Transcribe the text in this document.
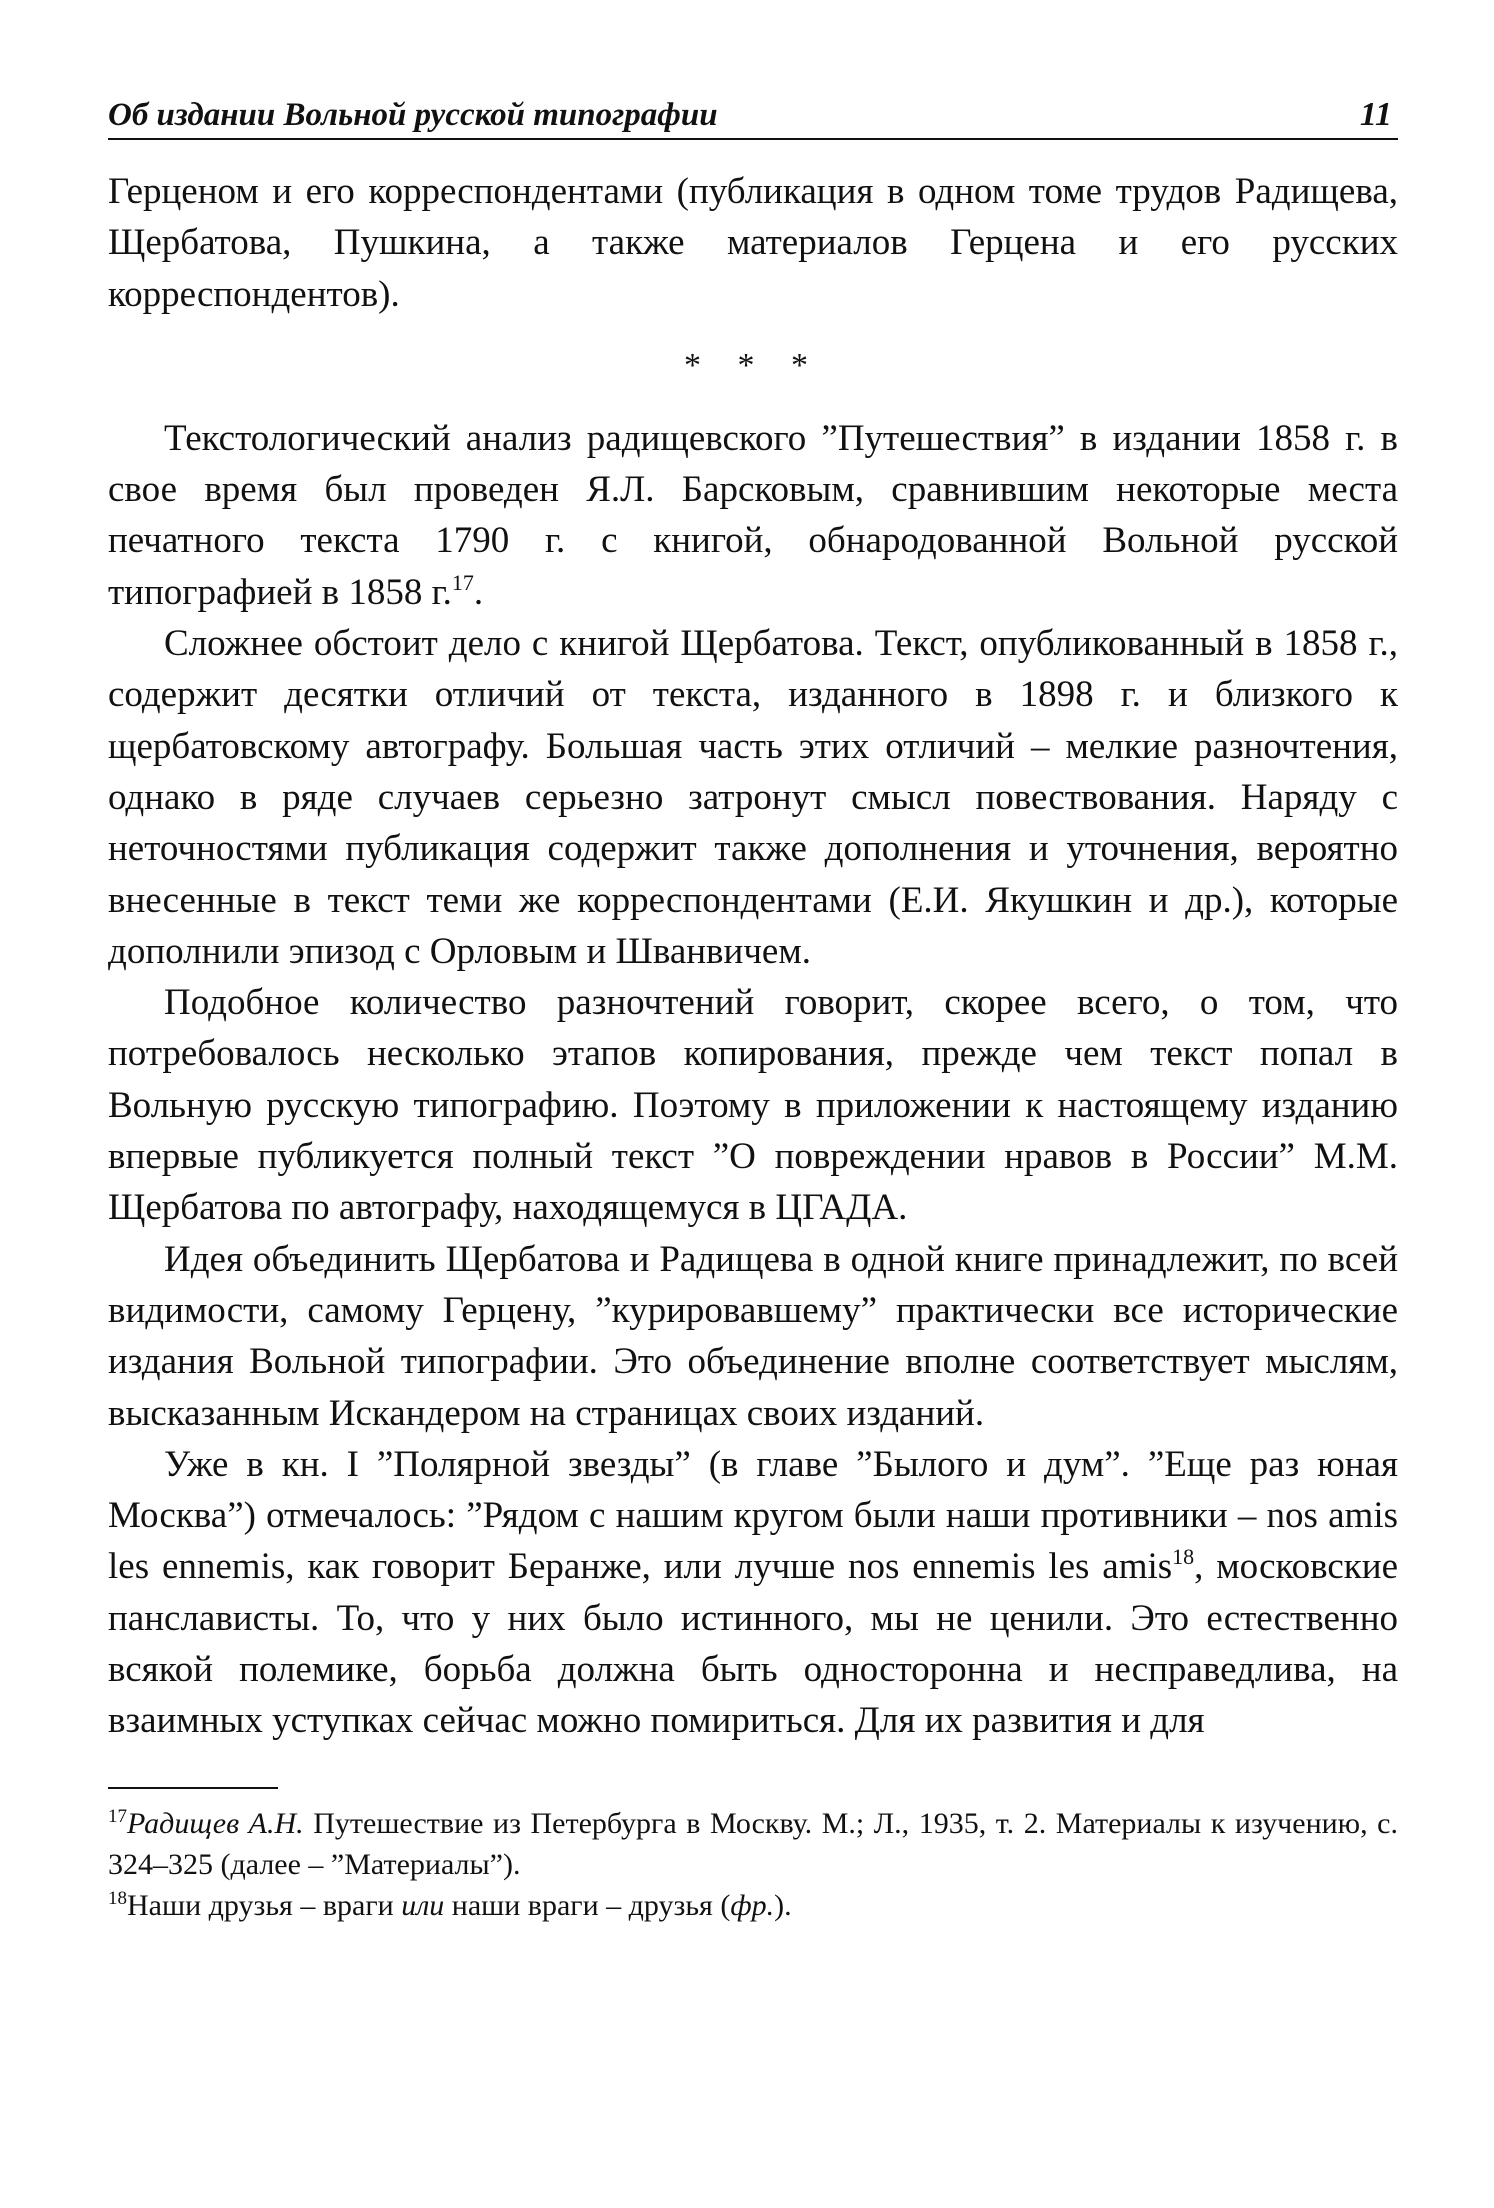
Об издании Вольной русской типографии	11

Герценом и его корреспондентами (публикация в одном томе трудов Радищева, Щербатова, Пушкина, а также материалов Герцена и его русских корреспондентов).

* * *

Текстологический анализ радищевского ”Путешествия” в издании 1858 г. в свое время был проведен Я.Л. Барсковым, сравнившим некоторые места печатного текста 1790 г. с книгой, обнародованной Вольной русской типографией в 1858 г.$^{17}$.

Сложнее обстоит дело с книгой Щербатова. Текст, опубликованный в 1858 г., содержит десятки отличий от текста, изданного в 1898 г. и близкого к щербатовскому автографу. Большая часть этих отличий – мелкие разночтения, однако в ряде случаев серьезно затронут смысл повествования. Наряду с неточностями публикация содержит также дополнения и уточнения, вероятно внесенные в текст теми же корреспондентами (Е.И. Якушкин и др.), которые дополнили эпизод с Орловым и Шванвичем.

Подобное количество разночтений говорит, скорее всего, о том, что потребовалось несколько этапов копирования, прежде чем текст попал в Вольную русскую типографию. Поэтому в приложении к настоящему изданию впервые публикуется полный текст ”О повреждении нравов в России” М.М. Щербатова по автографу, находящемуся в ЦГАДА.

Идея объединить Щербатова и Радищева в одной книге принадлежит, по всей видимости, самому Герцену, ”курировавшему” практически все исторические издания Вольной типографии. Это объединение вполне соответствует мыслям, высказанным Искандером на страницах своих изданий.

Уже в кн. I ”Полярной звезды” (в главе ”Былого и дум”. ”Еще раз юная Москва”) отмечалось: ”Рядом с нашим кругом были наши противники – nos amis les ennemis, как говорит Беранже, или лучше nos ennemis les amis$^{18}$, московские панслависты. То, что у них было истинного, мы не ценили. Это естественно всякой полемике, борьба должна быть односторонна и несправедлива, на взаимных уступках сейчас можно помириться. Для их развития и для

$^{17}$Радищев А.Н. Путешествие из Петербурга в Москву. М.; Л., 1935, т. 2. Материалы к изучению, с. 324–325 (далее – ”Материалы”).

$^{18}$Наши друзья – враги или наши враги – друзья (фр.).
